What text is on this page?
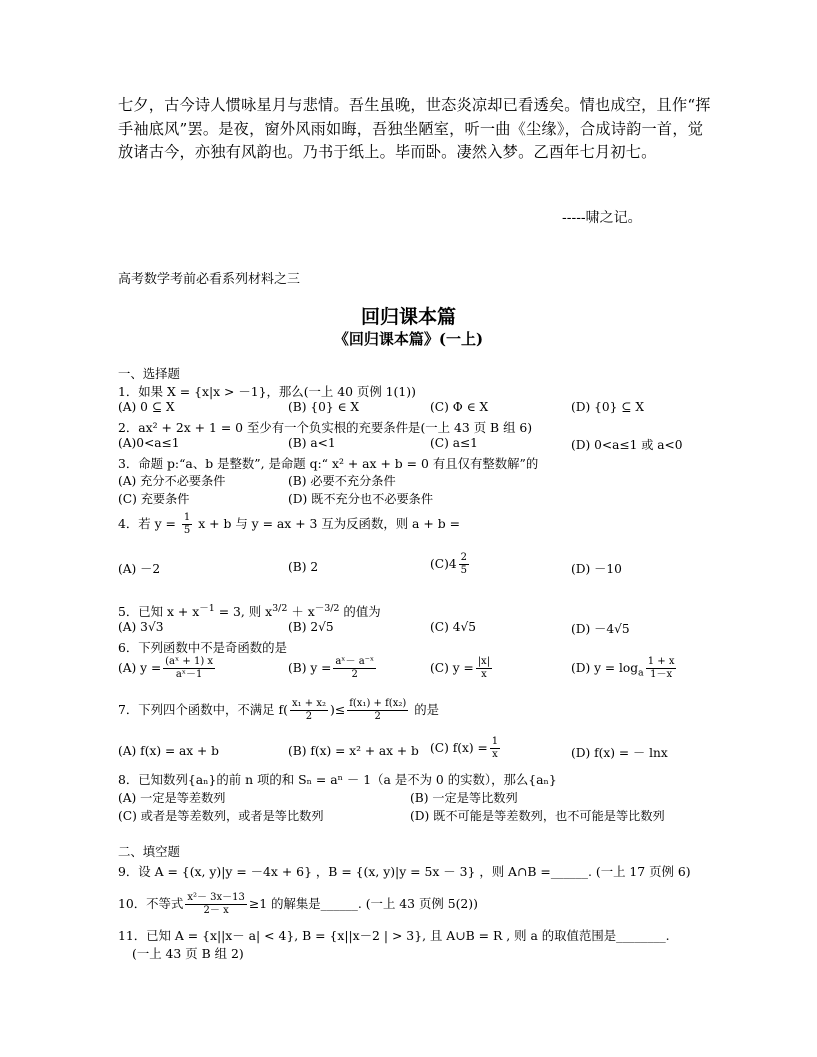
七夕，古今诗人惯咏星月与悲情。吾生虽晚，世态炎凉却已看透矣。情也成空，且作“挥手袖底风”罢。是夜，窗外风雨如晦，吾独坐陋室，听一曲《尘缘》，合成诗韵一首，觉放诸古今，亦独有风韵也。乃书于纸上。毕而卧。凄然入梦。乙酉年七月初七。
-----啸之记。
高考数学考前必看系列材料之三
回归课本篇
《回归课本篇》(一上)
一、选择题
1．如果 X = {x|x > －1}，那么(一上 40 页例 1(1))
(A) 0 ⊆ X	(B) {0} ∈ X	(C) Φ ∈ X	(D) {0} ⊆ X
2．ax² + 2x + 1 = 0 至少有一个负实根的充要条件是(一上 43 页 B 组 6)
(A)0<a≤1	(B) a<1	(C) a≤1	(D) 0<a≤1 或 a<0
3．命题 p:“a、b 是整数”, 是命题 q:“ x² + ax + b = 0 有且仅有整数解”的
(A) 充分不必要条件	(B) 必要不充分条件
(C) 充要条件	(D) 既不充分也不必要条件
4．若 $y = \frac{1}{5}$ x + b 与 y = ax + 3 互为反函数，则 a + b =
(A) －2	(B) 2	$(C)4 \frac{2}{5}$	(D) －10
5．已知 $x + x^{-1} = 3$, 则 $x^{3/2} + x^{-3/2}$ 的值为
(A) 3√3	(B) 2√5	(C) 4√5	(D) －4√5
6．下列函数中不是奇函数的是
(A) $y = \frac{\text{(aˣ + 1) x}}{\text{aˣ－1}}$	(B) $y = \frac{\text{aˣ－ a⁻ˣ}}{2}$	(C) $y = \frac{|x|}{x}$	(D) $y = \log_a \frac{1 + x}{1-x}$
7．下列四个函数中，不满足 $f( \frac{\text{x₁ + x₂}}{2}$ )≤ $\frac{\text{f(x₁) + f(x₂)}}{2}$ 的是
(A) f(x) = ax + b	(B) f(x) = x² + ax + b (C) $f(x) = \frac{1}{x}$	(D) f(x) = － lnx
8．已知数列{aₙ}的前 n 项的和 Sₙ = aⁿ － 1（a 是不为 0 的实数），那么{aₙ}
(A) 一定是等差数列	(B) 一定是等比数列
(C) 或者是等差数列，或者是等比数列	(D) 既不可能是等差数列，也不可能是等比数列
二、填空题
9．设 A = {(x, y)|y = －4x + 6} ，B = {(x, y)|y = 5x － 3} ，则 A∩B =______. (一上 17 页例 6)
10．不等式 $\frac{\text{x²－ 3x－13}}{2- x} \ge 1$ 的解集是______. (一上 43 页例 5(2))
11．已知 A = {x||x－ a| < 4}, B = {x||x－2 | > 3}, 且 A∪B = R , 则 a 的取值范围是________.
(一上 43 页 B 组 2)
